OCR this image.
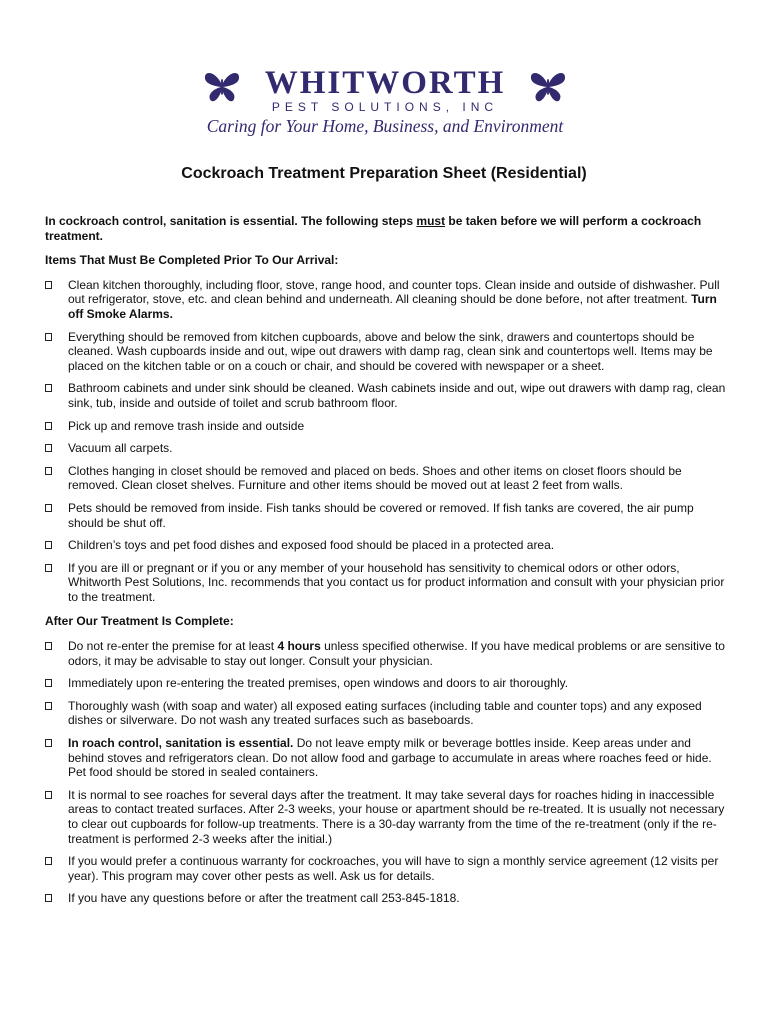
WHITWORTH
PEST SOLUTIONS, INC
Caring for Your Home, Business, and Environment
Cockroach Treatment Preparation Sheet (Residential)

In cockroach control, sanitation is essential. The following steps must be taken before we will perform a cockroach treatment.

Items That Must Be Completed Prior To Our Arrival:

Clean kitchen thoroughly, including floor, stove, range hood, and counter tops. Clean inside and outside of dishwasher. Pull out refrigerator, stove, etc. and clean behind and underneath. All cleaning should be done before, not after treatment. Turn off Smoke Alarms.
Everything should be removed from kitchen cupboards, above and below the sink, drawers and countertops should be cleaned. Wash cupboards inside and out, wipe out drawers with damp rag, clean sink and countertops well. Items may be placed on the kitchen table or on a couch or chair, and should be covered with newspaper or a sheet.
Bathroom cabinets and under sink should be cleaned. Wash cabinets inside and out, wipe out drawers with damp rag, clean sink, tub, inside and outside of toilet and scrub bathroom floor.
Pick up and remove trash inside and outside
Vacuum all carpets.
Clothes hanging in closet should be removed and placed on beds. Shoes and other items on closet floors should be removed. Clean closet shelves. Furniture and other items should be moved out at least 2 feet from walls.
Pets should be removed from inside. Fish tanks should be covered or removed. If fish tanks are covered, the air pump should be shut off.
Children’s toys and pet food dishes and exposed food should be placed in a protected area.
If you are ill or pregnant or if you or any member of your household has sensitivity to chemical odors or other odors, Whitworth Pest Solutions, Inc. recommends that you contact us for product information and consult with your physician prior to the treatment.

After Our Treatment Is Complete:

Do not re-enter the premise for at least 4 hours unless specified otherwise. If you have medical problems or are sensitive to odors, it may be advisable to stay out longer. Consult your physician.
Immediately upon re-entering the treated premises, open windows and doors to air thoroughly.
Thoroughly wash (with soap and water) all exposed eating surfaces (including table and counter tops) and any exposed dishes or silverware. Do not wash any treated surfaces such as baseboards.
In roach control, sanitation is essential. Do not leave empty milk or beverage bottles inside. Keep areas under and behind stoves and refrigerators clean. Do not allow food and garbage to accumulate in areas where roaches feed or hide. Pet food should be stored in sealed containers.
It is normal to see roaches for several days after the treatment. It may take several days for roaches hiding in inaccessible areas to contact treated surfaces. After 2-3 weeks, your house or apartment should be re-treated. It is usually not necessary to clear out cupboards for follow-up treatments. There is a 30-day warranty from the time of the re-treatment (only if the re-treatment is performed 2-3 weeks after the initial.)
If you would prefer a continuous warranty for cockroaches, you will have to sign a monthly service agreement (12 visits per year). This program may cover other pests as well. Ask us for details.
If you have any questions before or after the treatment call 253-845-1818.
